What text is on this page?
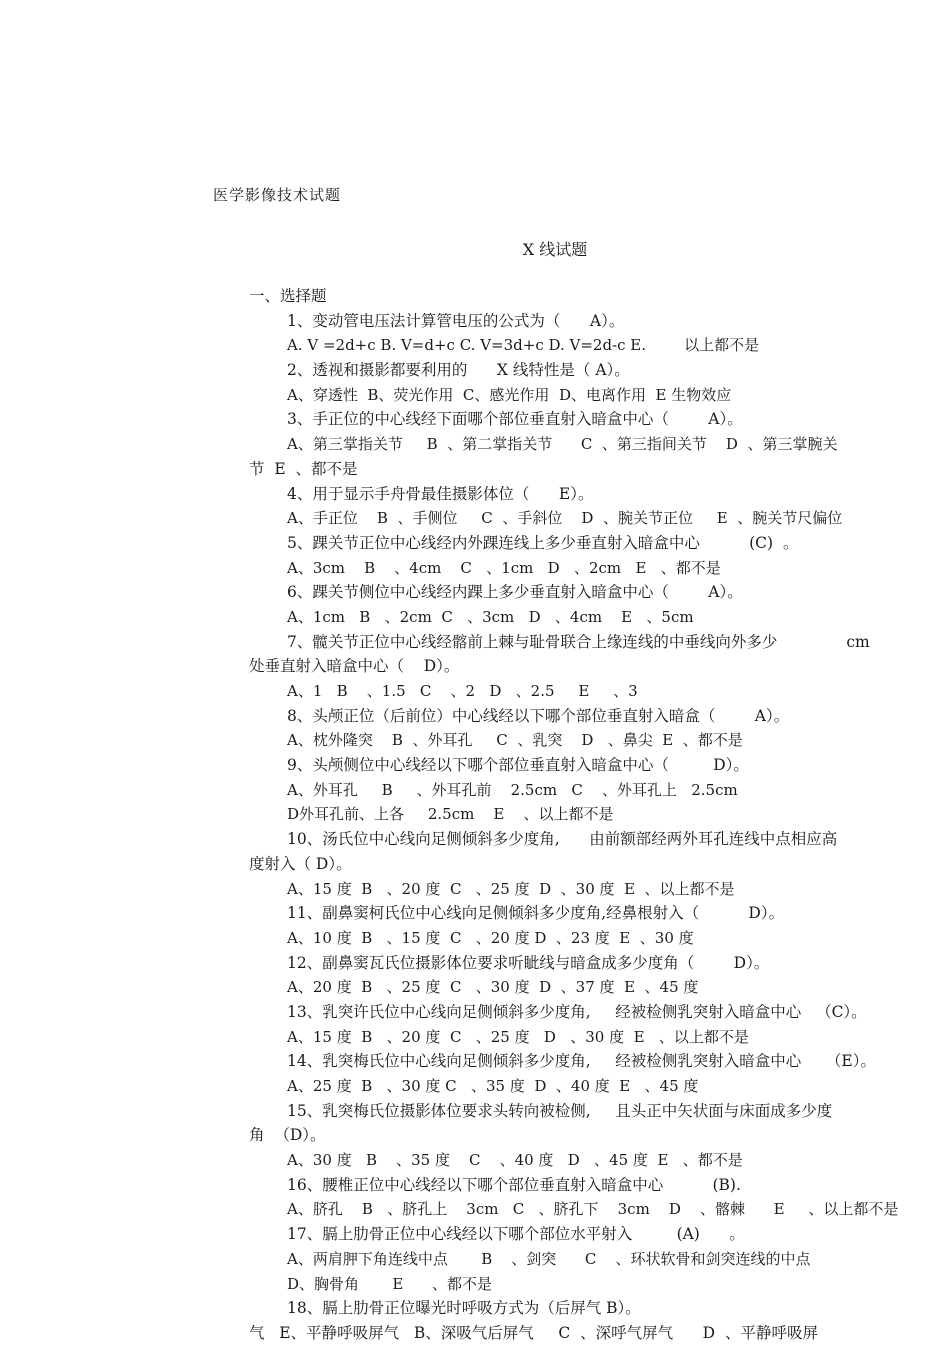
医学影像技术试题
X 线试题
一、选择题
1、变动管电压法计算管电压的公式为（      A）。
A. V =2d+c B. V=d+c C. V=3d+c D. V=2d-c E.        以上都不是
2、透视和摄影都要利用的      X 线特性是（ A）。
A、穿透性  B、荧光作用  C、感光作用  D、电离作用  E 生物效应
3、手正位的中心线经下面哪个部位垂直射入暗盒中心（        A）。
A、第三掌指关节     B  、第二掌指关节      C  、第三指间关节    D  、第三掌腕关
节  E  、都不是
4、用于显示手舟骨最佳摄影体位（      E）。
A、手正位    B  、手侧位     C  、手斜位    D  、腕关节正位     E  、腕关节尺偏位
5、踝关节正位中心线经内外踝连线上多少垂直射入暗盒中心          (C)  。
A、3cm    B    、4cm    C   、1cm   D   、2cm   E   、都不是
6、踝关节侧位中心线经内踝上多少垂直射入暗盒中心（        A）。
A、1cm   B   、2cm  C   、3cm   D   、4cm    E   、5cm
7、髋关节正位中心线经髂前上棘与耻骨联合上缘连线的中垂线向外多少              cm
处垂直射入暗盒中心（    D）。
A、1   B    、1.5   C    、2   D   、2.5     E     、3
8、头颅正位（后前位）中心线经以下哪个部位垂直射入暗盒（        A）。
A、枕外隆突    B  、外耳孔     C  、乳突    D   、鼻尖  E  、都不是
9、头颅侧位中心线经以下哪个部位垂直射入暗盒中心（         D）。
A、外耳孔     B     、外耳孔前    2.5cm   C    、外耳孔上   2.5cm
D外耳孔前、上各     2.5cm    E    、以上都不是
10、汤氏位中心线向足侧倾斜多少度角,      由前额部经两外耳孔连线中点相应高
度射入（ D）。
A、15 度  B   、20 度  C   、25 度  D  、30 度  E  、以上都不是
11、副鼻窦柯氏位中心线向足侧倾斜多少度角,经鼻根射入（          D）。
A、10 度  B   、15 度  C   、20 度 D  、23 度  E  、30 度
12、副鼻窦瓦氏位摄影体位要求听眦线与暗盒成多少度角（        D）。
A、20 度  B   、25 度  C   、30 度  D  、37 度  E  、45 度
13、乳突许氏位中心线向足侧倾斜多少度角,     经被检侧乳突射入暗盒中心   （C）。
A、15 度  B   、20 度  C   、25 度   D   、30 度  E   、以上都不是
14、乳突梅氏位中心线向足侧倾斜多少度角,     经被检侧乳突射入暗盒中心     （E）。
A、25 度  B   、30 度 C   、35 度  D  、40 度  E   、45 度
15、乳突梅氏位摄影体位要求头转向被检侧,     且头正中矢状面与床面成多少度
角  （D）。
A、30 度   B    、35 度    C    、40 度   D   、45 度  E   、都不是
16、腰椎正位中心线经以下哪个部位垂直射入暗盒中心          (B).
A、脐孔    B   、脐孔上    3cm   C   、脐孔下    3cm    D    、髂棘      E     、以上都不是
17、膈上肋骨正位中心线经以下哪个部位水平射入         (A)      。
A、两肩胛下角连线中点       B    、剑突      C    、环状软骨和剑突连线的中点
D、胸骨角       E      、都不是
18、膈上肋骨正位曝光时呼吸方式为（后屏气 B）。
气   E、平静呼吸屏气   B、深吸气后屏气     C  、深呼气屏气      D  、平静呼吸屏
